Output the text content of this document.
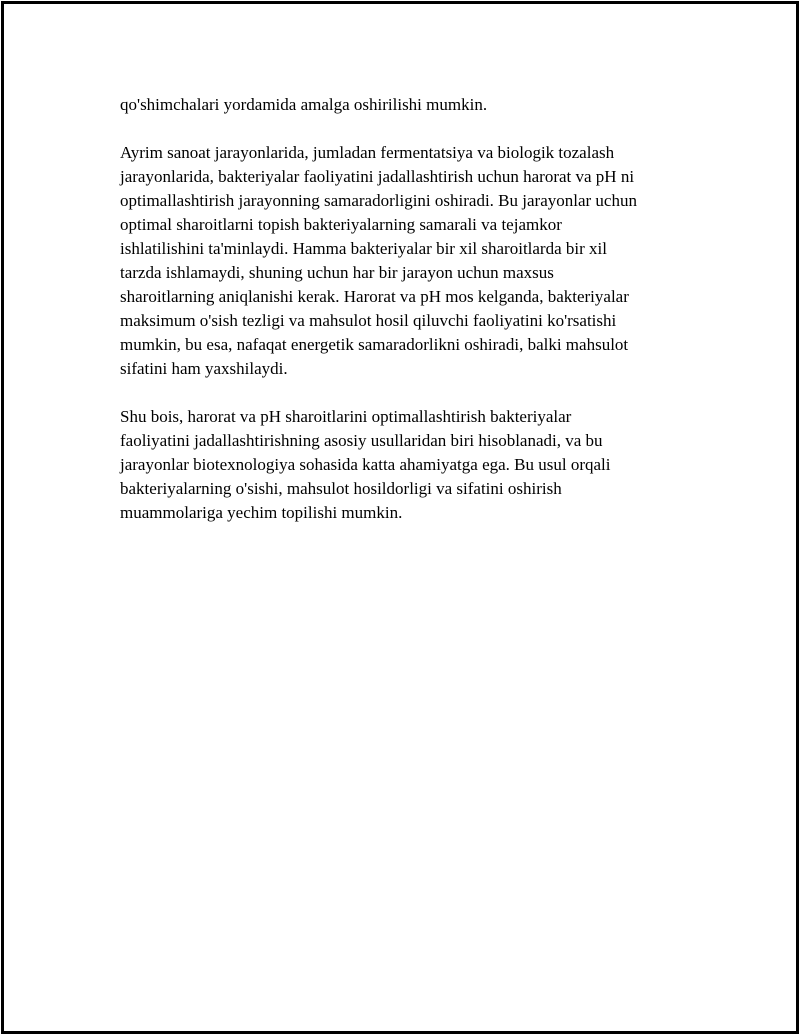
qo'shimchalari yordamida amalga oshirilishi mumkin.

Ayrim sanoat jarayonlarida, jumladan fermentatsiya va biologik tozalash
jarayonlarida, bakteriyalar faoliyatini jadallashtirish uchun harorat va pH ni
optimallashtirish jarayonning samaradorligini oshiradi. Bu jarayonlar uchun
optimal sharoitlarni topish bakteriyalarning samarali va tejamkor
ishlatilishini ta'minlaydi. Hamma bakteriyalar bir xil sharoitlarda bir xil
tarzda ishlamaydi, shuning uchun har bir jarayon uchun maxsus
sharoitlarning aniqlanishi kerak. Harorat va pH mos kelganda, bakteriyalar
maksimum o'sish tezligi va mahsulot hosil qiluvchi faoliyatini ko'rsatishi
mumkin, bu esa, nafaqat energetik samaradorlikni oshiradi, balki mahsulot
sifatini ham yaxshilaydi.

Shu bois, harorat va pH sharoitlarini optimallashtirish bakteriyalar
faoliyatini jadallashtirishning asosiy usullaridan biri hisoblanadi, va bu
jarayonlar biotexnologiya sohasida katta ahamiyatga ega. Bu usul orqali
bakteriyalarning o'sishi, mahsulot hosildorligi va sifatini oshirish
muammolariga yechim topilishi mumkin.
